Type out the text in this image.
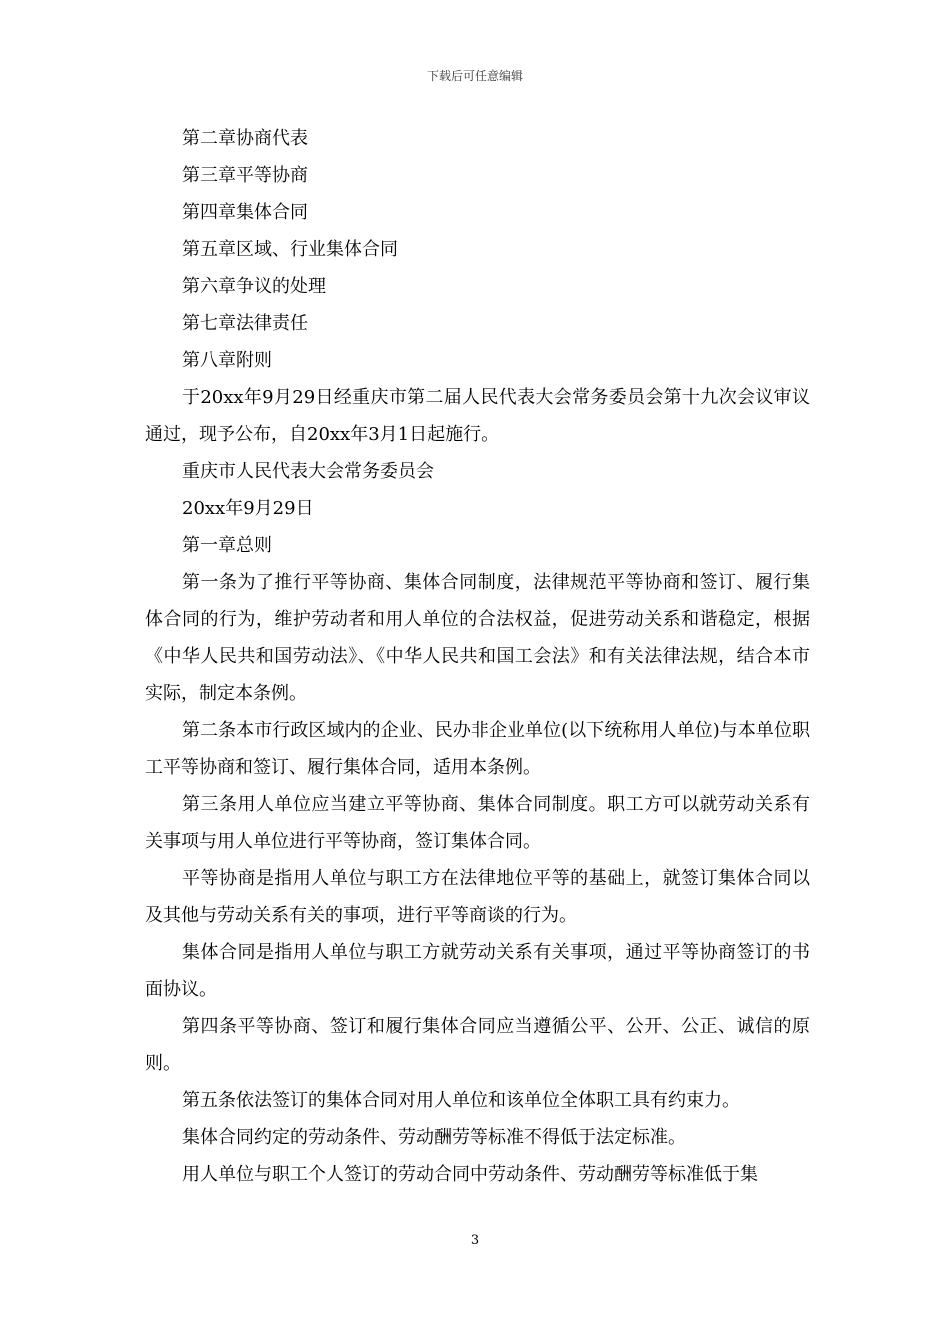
下载后可任意编辑

第二章协商代表

第三章平等协商

第四章集体合同

第五章区域、行业集体合同

第六章争议的处理

第七章法律责任

第八章附则

于20xx年9月29日经重庆市第二届人民代表大会常务委员会第十九次会议审议通过，现予公布，自20xx年3月1日起施行。

重庆市人民代表大会常务委员会

20xx年9月29日

第一章总则

第一条为了推行平等协商、集体合同制度，法律规范平等协商和签订、履行集体合同的行为，维护劳动者和用人单位的合法权益，促进劳动关系和谐稳定，根据《中华人民共和国劳动法》、《中华人民共和国工会法》和有关法律法规，结合本市实际，制定本条例。

第二条本市行政区域内的企业、民办非企业单位(以下统称用人单位)与本单位职工平等协商和签订、履行集体合同，适用本条例。

第三条用人单位应当建立平等协商、集体合同制度。职工方可以就劳动关系有关事项与用人单位进行平等协商，签订集体合同。

平等协商是指用人单位与职工方在法律地位平等的基础上，就签订集体合同以及其他与劳动关系有关的事项，进行平等商谈的行为。

集体合同是指用人单位与职工方就劳动关系有关事项，通过平等协商签订的书面协议。

第四条平等协商、签订和履行集体合同应当遵循公平、公开、公正、诚信的原则。

第五条依法签订的集体合同对用人单位和该单位全体职工具有约束力。

集体合同约定的劳动条件、劳动酬劳等标准不得低于法定标准。

用人单位与职工个人签订的劳动合同中劳动条件、劳动酬劳等标准低于集

3
